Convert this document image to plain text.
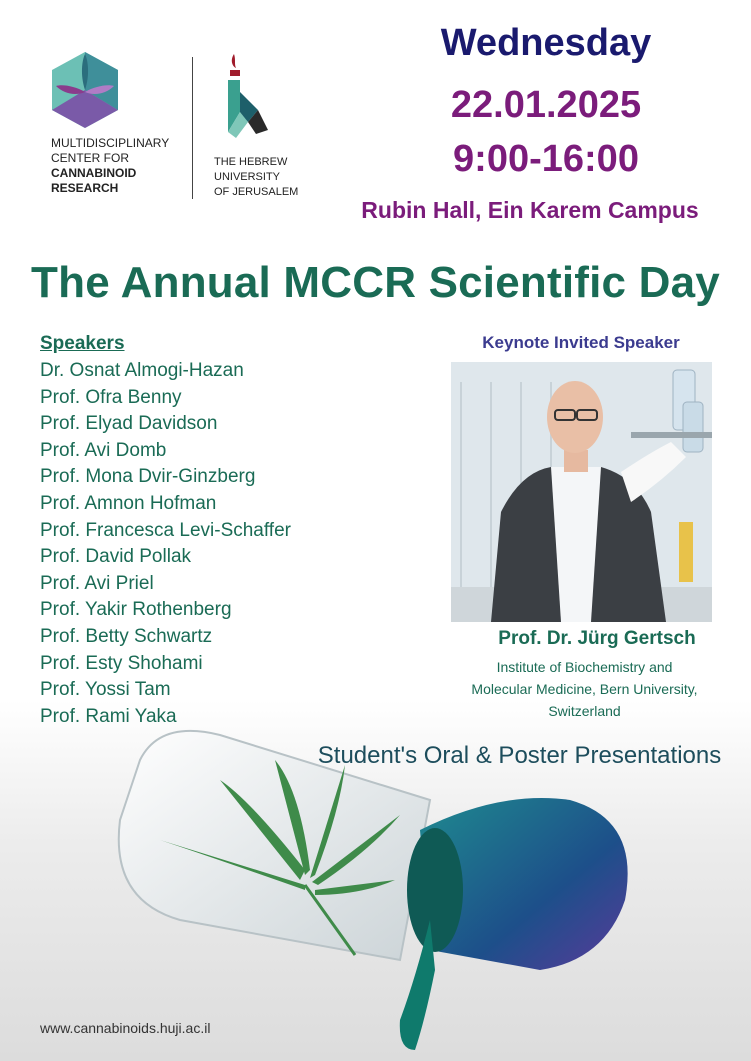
MULTIDISCIPLINARY
CENTER FOR
CANNABINOID
RESEARCH
THE HEBREW
UNIVERSITY
OF JERUSALEM
Wednesday
22.01.2025
9:00-16:00
Rubin Hall, Ein Karem Campus
The Annual MCCR Scientific Day
Speakers
Dr. Osnat Almogi-Hazan
Prof. Ofra Benny
Prof. Elyad Davidson
Prof. Avi Domb
Prof. Mona Dvir-Ginzberg
Prof. Amnon Hofman
Prof. Francesca Levi-Schaffer
Prof. David Pollak
Prof. Avi Priel
Prof. Yakir Rothenberg
Prof. Betty Schwartz
Prof. Esty Shohami
Prof. Yossi Tam
Prof. Rami Yaka
Keynote Invited Speaker
Prof. Dr. Jürg Gertsch
Institute of Biochemistry and
Molecular Medicine, Bern University,
Switzerland
Student's Oral & Poster Presentations
www.cannabinoids.huji.ac.il
